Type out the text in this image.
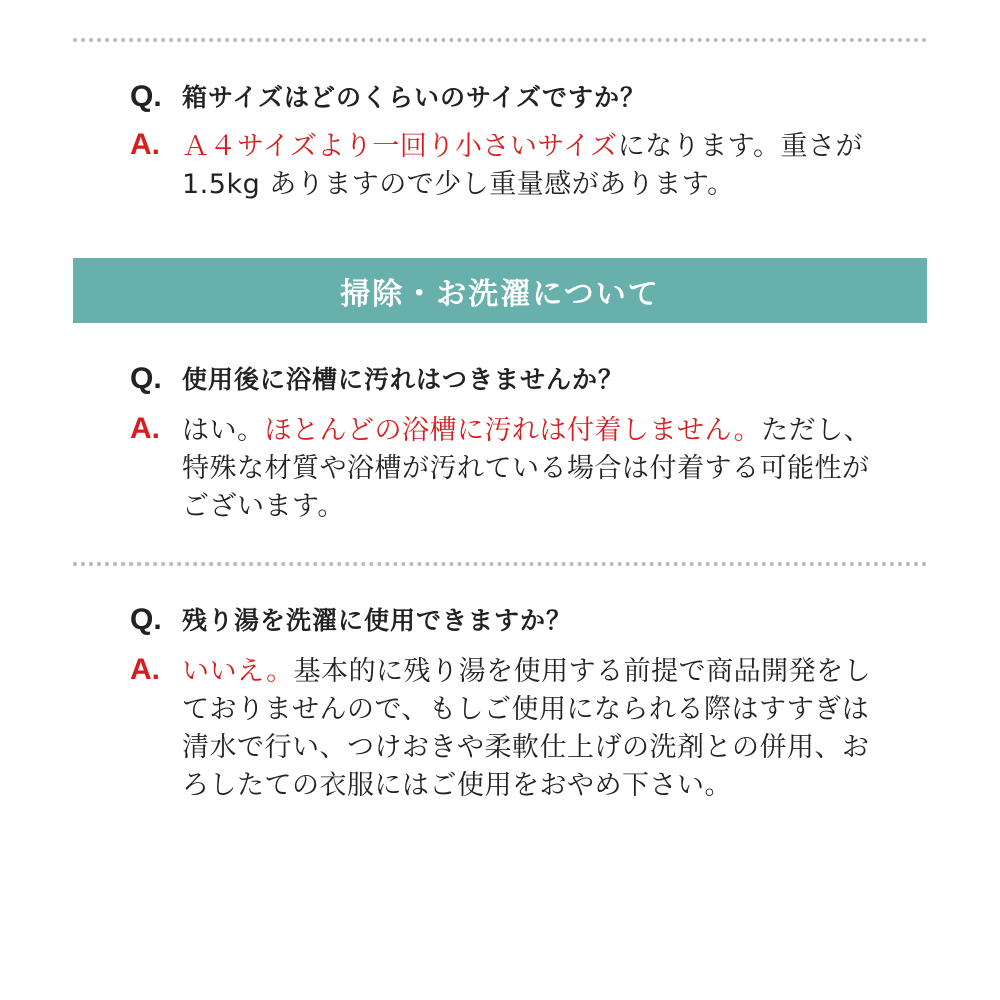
Q. 箱サイズはどのくらいのサイズですか？
A. Ａ４サイズより一回り小さいサイズになります。重さが 1.5kg ありますので少し重量感があります。
掃除・お洗濯について
Q. 使用後に浴槽に汚れはつきませんか？
A. はい。ほとんどの浴槽に汚れは付着しません。ただし、特殊な材質や浴槽が汚れている場合は付着する可能性がございます。
Q. 残り湯を洗濯に使用できますか？
A. いいえ。基本的に残り湯を使用する前提で商品開発をしておりませんので、もしご使用になられる際はすすぎは清水で行い、つけおきや柔軟仕上げの洗剤との併用、おろしたての衣服にはご使用をおやめ下さい。
